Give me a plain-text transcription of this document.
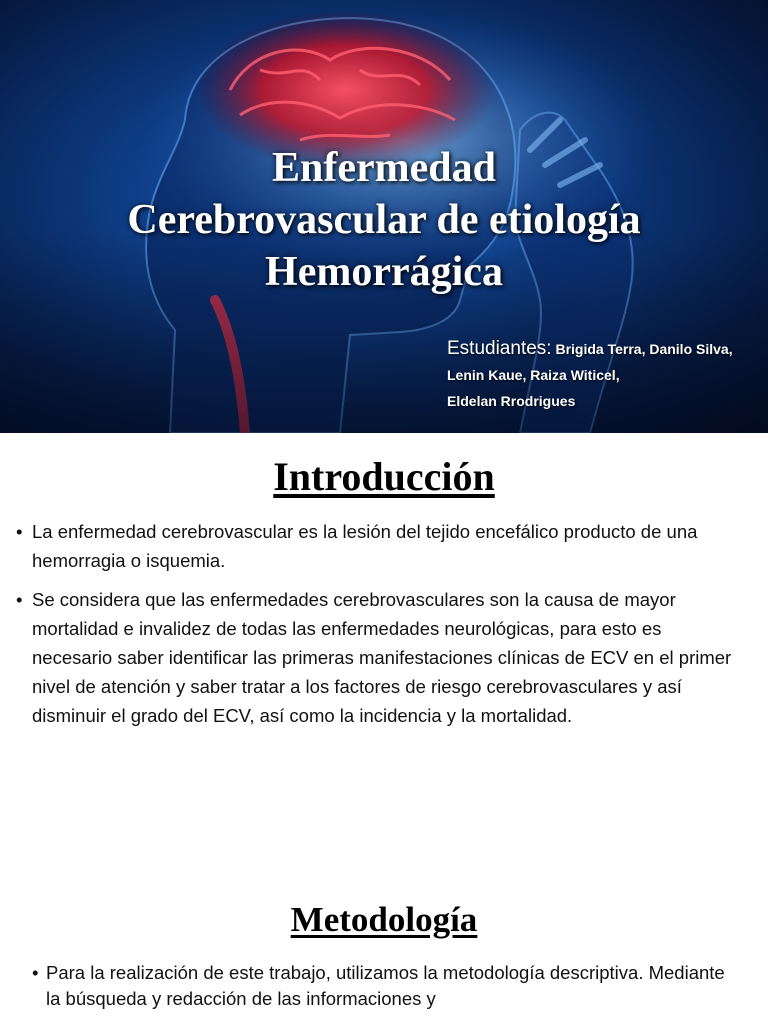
Enfermedad
Cerebrovascular de etiología
Hemorrágica
Estudiantes: Brigida Terra, Danilo Silva,
Lenin Kaue, Raiza Witicel,
Eldelan Rrodrigues
Introducción
• La enfermedad cerebrovascular es la lesión del tejido encefálico producto de una hemorragia o isquemia.
• Se considera que las enfermedades cerebrovasculares son la causa de mayor mortalidad e invalidez de todas las enfermedades neurológicas, para esto es necesario saber identificar las primeras manifestaciones clínicas de ECV en el primer nivel de atención y saber tratar a los factores de riesgo cerebrovasculares y así disminuir el grado del ECV, así como la incidencia y la mortalidad.
Metodología
• Para la realización de este trabajo, utilizamos la metodología descriptiva. Mediante la búsqueda y redacción de las informaciones y
